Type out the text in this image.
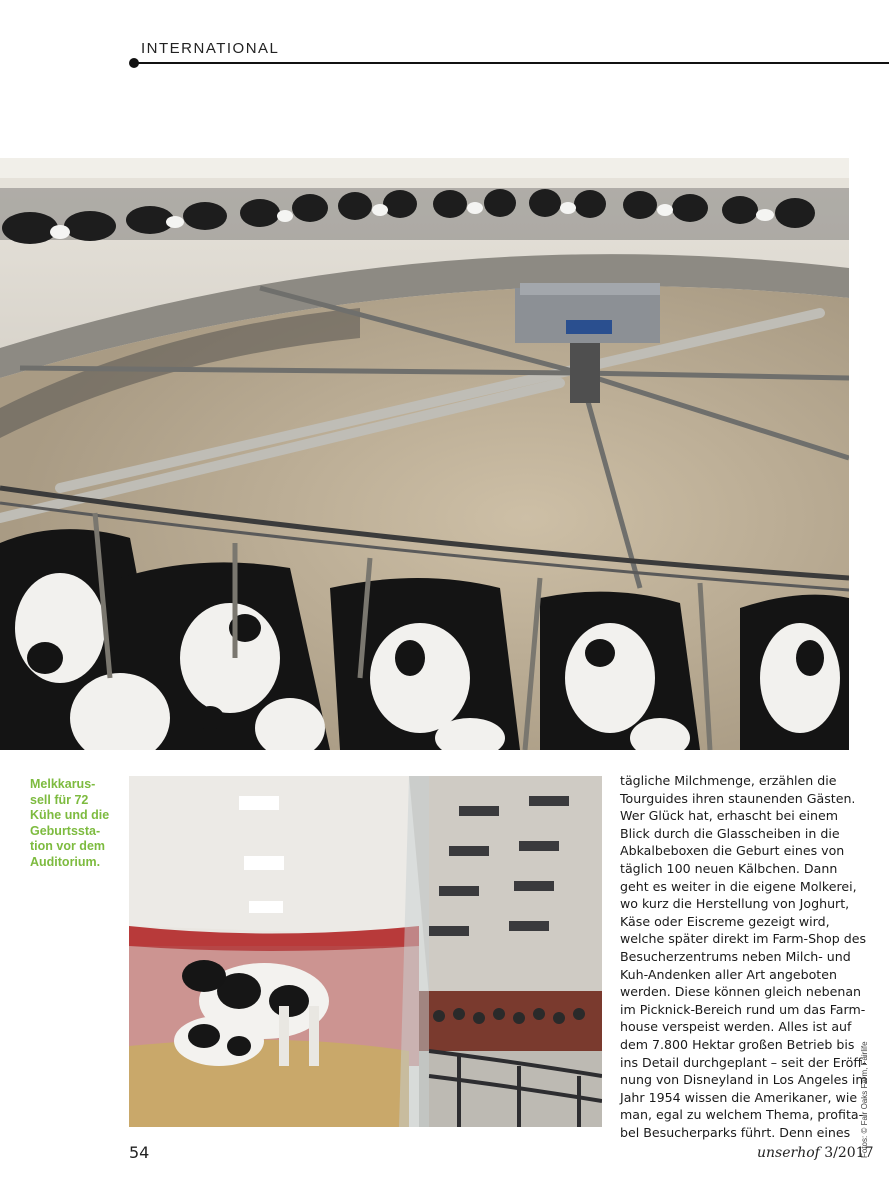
INTERNATIONAL
Melkkarus-
sell für 72
Kühe und die
Geburtssta-
tion vor dem
Auditorium.
tägliche Milchmenge, erzählen die
Tourguides ihren staunenden Gästen.
Wer Glück hat, erhascht bei einem
Blick durch die Glasscheiben in die
Abkalbeboxen die Geburt eines von
täglich 100 neuen Kälbchen. Dann
geht es weiter in die eigene Molkerei,
wo kurz die Herstellung von Joghurt,
Käse oder Eiscreme gezeigt wird,
welche später direkt im Farm-Shop des
Besucherzentrums neben Milch- und
Kuh-Andenken aller Art angeboten
werden. Diese können gleich nebenan
im Picknick-Bereich rund um das Farm-
house verspeist werden. Alles ist auf
dem 7.800 Hektar großen Betrieb bis
ins Detail durchgeplant – seit der Eröff-
nung von Disneyland in Los Angeles im
Jahr 1954 wissen die Amerikaner, wie
man, egal zu welchem Thema, profita-
bel Besucherparks führt. Denn eines Fotos: © Fair Oaks Farm, Fairlife
54	unserhof 3/2017
